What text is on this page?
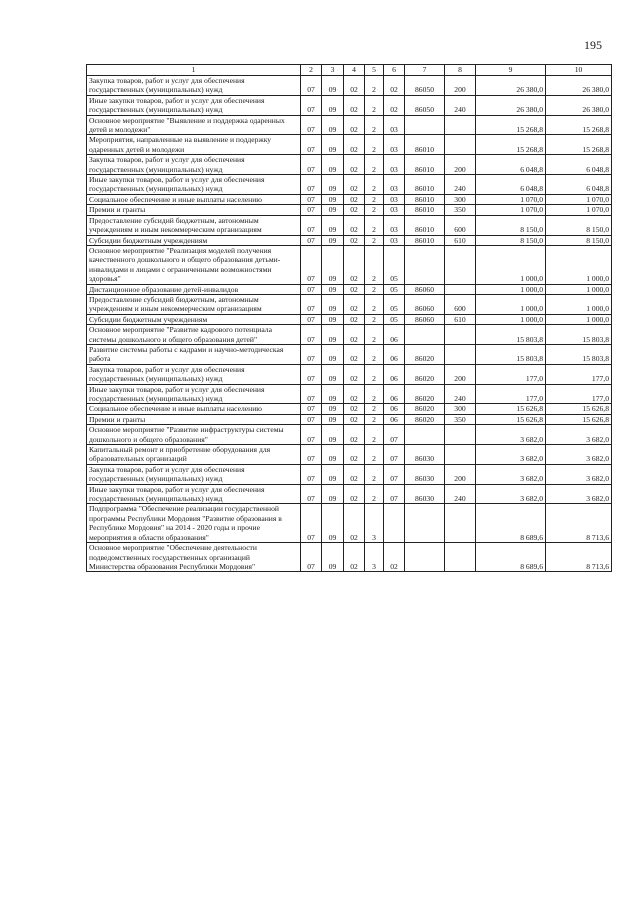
195
1	2	3	4	5	6	7	8	9	10
Закупка товаров, работ и услуг для обеспечения государственных (муниципальных) нужд	07	09	02	2	02	86050	200	26 380,0	26 380,0
Иные закупки товаров, работ и услуг для обеспечения государственных (муниципальных) нужд	07	09	02	2	02	86050	240	26 380,0	26 380,0
Основное мероприятие "Выявление и поддержка одаренных детей и молодежи"	07	09	02	2	03			15 268,8	15 268,8
Мероприятия, направленные на выявление и поддержку одаренных детей и молодежи	07	09	02	2	03	86010		15 268,8	15 268,8
Закупка товаров, работ и услуг для обеспечения государственных (муниципальных) нужд	07	09	02	2	03	86010	200	6 048,8	6 048,8
Иные закупки товаров, работ и услуг для обеспечения государственных (муниципальных) нужд	07	09	02	2	03	86010	240	6 048,8	6 048,8
Социальное обеспечение и иные выплаты населению	07	09	02	2	03	86010	300	1 070,0	1 070,0
Премии и гранты	07	09	02	2	03	86010	350	1 070,0	1 070,0
Предоставление субсидий бюджетным, автономным учреждениям и иным некоммерческим организациям	07	09	02	2	03	86010	600	8 150,0	8 150,0
Субсидии бюджетным учреждениям	07	09	02	2	03	86010	610	8 150,0	8 150,0
Основное мероприятие "Реализация моделей получения качественного дошкольного и общего образования детьми-инвалидами и лицами с ограниченными возможностями здоровья"	07	09	02	2	05			1 000,0	1 000,0
Дистанционное образование детей-инвалидов	07	09	02	2	05	86060		1 000,0	1 000,0
Предоставление субсидий бюджетным, автономным учреждениям и иным некоммерческим организациям	07	09	02	2	05	86060	600	1 000,0	1 000,0
Субсидии бюджетным учреждениям	07	09	02	2	05	86060	610	1 000,0	1 000,0
Основное мероприятие "Развитие кадрового потенциала системы дошкольного и общего образования детей"	07	09	02	2	06			15 803,8	15 803,8
Развитие системы работы с кадрами и научно-методическая работа	07	09	02	2	06	86020		15 803,8	15 803,8
Закупка товаров, работ и услуг для обеспечения государственных (муниципальных) нужд	07	09	02	2	06	86020	200	177,0	177,0
Иные закупки товаров, работ и услуг для обеспечения государственных (муниципальных) нужд	07	09	02	2	06	86020	240	177,0	177,0
Социальное обеспечение и иные выплаты населению	07	09	02	2	06	86020	300	15 626,8	15 626,8
Премии и гранты	07	09	02	2	06	86020	350	15 626,8	15 626,8
Основное мероприятие "Развитие инфраструктуры системы дошкольного и общего образования"	07	09	02	2	07			3 682,0	3 682,0
Капитальный ремонт и приобретение оборудования для образовательных организаций	07	09	02	2	07	86030		3 682,0	3 682,0
Закупка товаров, работ и услуг для обеспечения государственных (муниципальных) нужд	07	09	02	2	07	86030	200	3 682,0	3 682,0
Иные закупки товаров, работ и услуг для обеспечения государственных (муниципальных) нужд	07	09	02	2	07	86030	240	3 682,0	3 682,0
Подпрограмма "Обеспечение реализации государственной программы Республики Мордовия "Развитие образования в Республике Мордовия" на 2014 - 2020 годы и прочие мероприятия в области образования"	07	09	02	3				8 689,6	8 713,6
Основное мероприятие "Обеспечение деятельности подведомственных государственных организаций Министерства образования Республики Мордовия"	07	09	02	3	02			8 689,6	8 713,6
